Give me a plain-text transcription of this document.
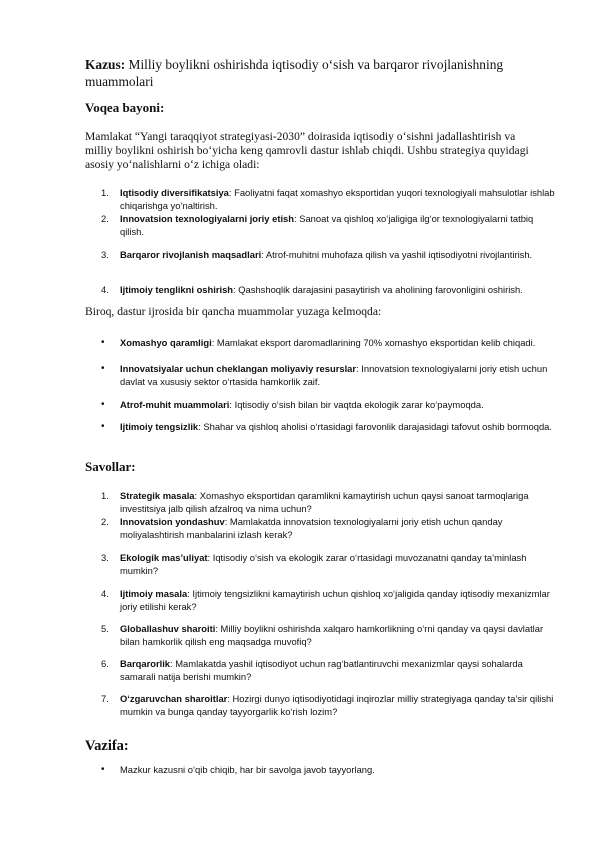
Kazus: Milliy boylikni oshirishda iqtisodiy o‘sish va barqaror rivojlanishning muammolari
Voqea bayoni:
Mamlakat “Yangi taraqqiyot strategiyasi-2030” doirasida iqtisodiy o‘sishni jadallashtirish va milliy boylikni oshirish bo‘yicha keng qamrovli dastur ishlab chiqdi. Ushbu strategiya quyidagi asosiy yo‘nalishlarni o‘z ichiga oladi:
1.	Iqtisodiy diversifikatsiya: Faoliyatni faqat xomashyo eksportidan yuqori texnologiyali mahsulotlar ishlab chiqarishga yo‘naltirish.
2.	Innovatsion texnologiyalarni joriy etish: Sanoat va qishloq xo‘jaligiga ilg‘or texnologiyalarni tatbiq qilish.
3.	Barqaror rivojlanish maqsadlari: Atrof-muhitni muhofaza qilish va yashil iqtisodiyotni rivojlantirish.
4.	Ijtimoiy tenglikni oshirish: Qashshoqlik darajasini pasaytirish va aholining farovonligini oshirish.
Biroq, dastur ijrosida bir qancha muammolar yuzaga kelmoqda:
•	Xomashyo qaramligi: Mamlakat eksport daromadlarining 70% xomashyo eksportidan kelib chiqadi.
•	Innovatsiyalar uchun cheklangan moliyaviy resurslar: Innovatsion texnologiyalarni joriy etish uchun davlat va xususiy sektor o‘rtasida hamkorlik zaif.
•	Atrof-muhit muammolari: Iqtisodiy o‘sish bilan bir vaqtda ekologik zarar ko‘paymoqda.
•	Ijtimoiy tengsizlik: Shahar va qishloq aholisi o‘rtasidagi farovonlik darajasidagi tafovut oshib bormoqda.
Savollar:
1.	Strategik masala: Xomashyo eksportidan qaramlikni kamaytirish uchun qaysi sanoat tarmoqlariga investitsiya jalb qilish afzalroq va nima uchun?
2.	Innovatsion yondashuv: Mamlakatda innovatsion texnologiyalarni joriy etish uchun qanday moliyalashtirish manbalarini izlash kerak?
3.	Ekologik mas’uliyat: Iqtisodiy o‘sish va ekologik zarar o‘rtasidagi muvozanatni qanday ta’minlash mumkin?
4.	Ijtimoiy masala: Ijtimoiy tengsizlikni kamaytirish uchun qishloq xo‘jaligida qanday iqtisodiy mexanizmlar joriy etilishi kerak?
5.	Globallashuv sharoiti: Milliy boylikni oshirishda xalqaro hamkorlikning o‘rni qanday va qaysi davlatlar bilan hamkorlik qilish eng maqsadga muvofiq?
6.	Barqarorlik: Mamlakatda yashil iqtisodiyot uchun rag‘batlantiruvchi mexanizmlar qaysi sohalarda samarali natija berishi mumkin?
7.	O‘zgaruvchan sharoitlar: Hozirgi dunyo iqtisodiyotidagi inqirozlar milliy strategiyaga qanday ta’sir qilishi mumkin va bunga qanday tayyorgarlik ko‘rish lozim?
Vazifa:
•	Mazkur kazusni o‘qib chiqib, har bir savolga javob tayyorlang.
